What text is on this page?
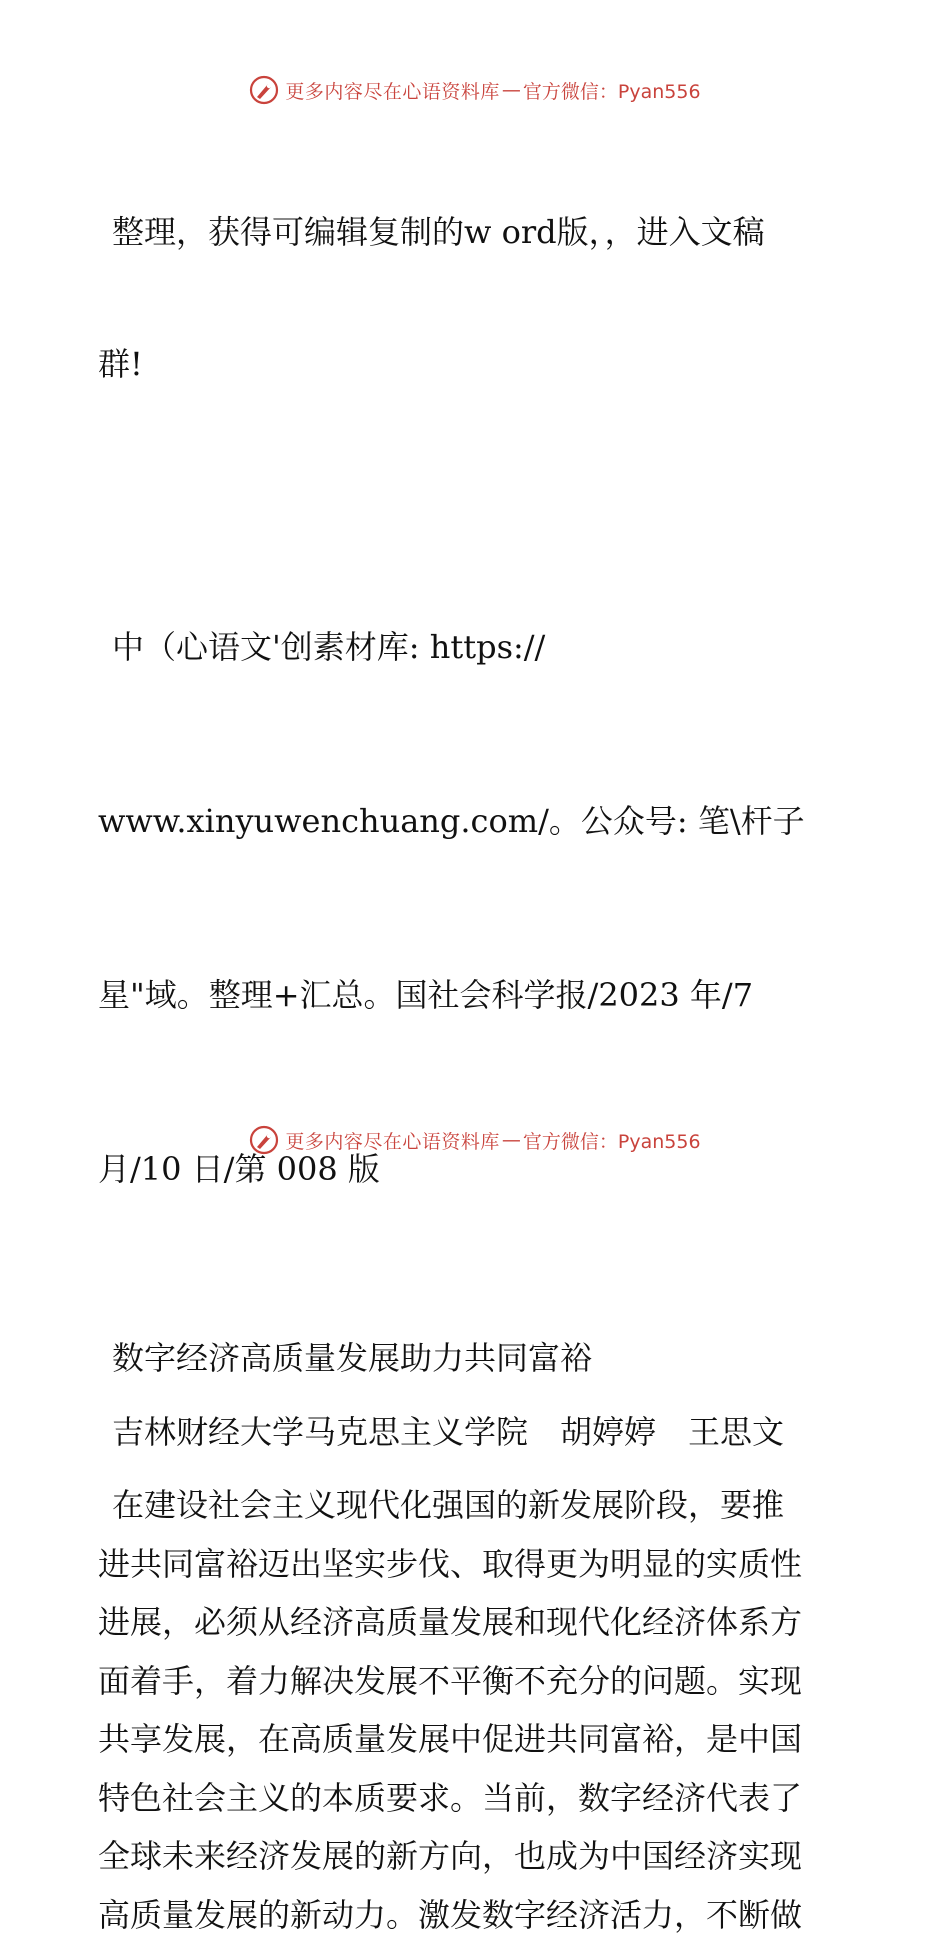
更多内容尽在心语资料库 — 官方微信：Pyan556

整理，获得可编辑复制的w ord版，，进入文稿

群!

中（心语文'创素材库: https://

www.xinyuwenchuang.com/。公众号: 笔\杆子

星"域。整理+汇总。国社会科学报/2023 年/7

月/10 日/第 008 版

数字经济高质量发展助力共同富裕
吉林财经大学马克思主义学院　胡婷婷　王思文
在建设社会主义现代化强国的新发展阶段，要推
进共同富裕迈出坚实步伐、取得更为明显的实质性
进展，必须从经济高质量发展和现代化经济体系方
面着手，着力解决发展不平衡不充分的问题。实现
共享发展，在高质量发展中促进共同富裕，是中国
特色社会主义的本质要求。当前，数字经济代表了
全球未来经济发展的新方向，也成为中国经济实现
高质量发展的新动力。激发数字经济活力，不断做
更多内容尽在心语资料库 — 官方微信：Pyan556
